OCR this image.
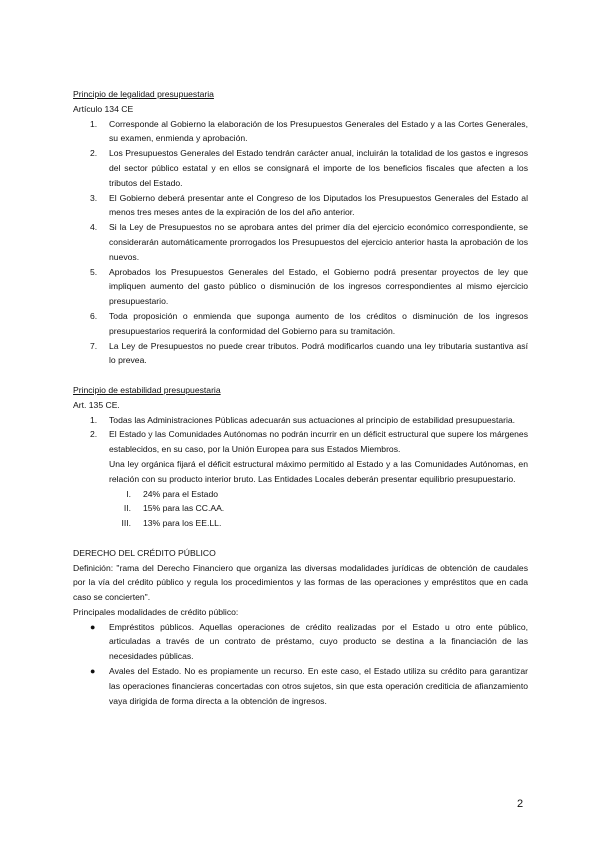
Principio de legalidad presupuestaria
Artículo 134 CE
1. Corresponde al Gobierno la elaboración de los Presupuestos Generales del Estado y a las Cortes Generales, su examen, enmienda y aprobación.
2. Los Presupuestos Generales del Estado tendrán carácter anual, incluirán la totalidad de los gastos e ingresos del sector público estatal y en ellos se consignará el importe de los beneficios fiscales que afecten a los tributos del Estado.
3. El Gobierno deberá presentar ante el Congreso de los Diputados los Presupuestos Generales del Estado al menos tres meses antes de la expiración de los del año anterior.
4. Si la Ley de Presupuestos no se aprobara antes del primer día del ejercicio económico correspondiente, se considerarán automáticamente prorrogados los Presupuestos del ejercicio anterior hasta la aprobación de los nuevos.
5. Aprobados los Presupuestos Generales del Estado, el Gobierno podrá presentar proyectos de ley que impliquen aumento del gasto público o disminución de los ingresos correspondientes al mismo ejercicio presupuestario.
6. Toda proposición o enmienda que suponga aumento de los créditos o disminución de los ingresos presupuestarios requerirá la conformidad del Gobierno para su tramitación.
7. La Ley de Presupuestos no puede crear tributos. Podrá modificarlos cuando una ley tributaria sustantiva así lo prevea.
Principio de estabilidad presupuestaria
Art. 135 CE.
1. Todas las Administraciones Públicas adecuarán sus actuaciones al principio de estabilidad presupuestaria.
2. El Estado y las Comunidades Autónomas no podrán incurrir en un déficit estructural que supere los márgenes establecidos, en su caso, por la Unión Europea para sus Estados Miembros.
Una ley orgánica fijará el déficit estructural máximo permitido al Estado y a las Comunidades Autónomas, en relación con su producto interior bruto. Las Entidades Locales deberán presentar equilibrio presupuestario.
I. 24% para el Estado
II. 15% para las CC.AA.
III. 13% para los EE.LL.
DERECHO DEL CRÉDITO PÚBLICO
Definición: "rama del Derecho Financiero que organiza las diversas modalidades jurídicas de obtención de caudales por la vía del crédito público y regula los procedimientos y las formas de las operaciones y empréstitos que en cada caso se concierten".
Principales modalidades de crédito público:
● Empréstitos públicos. Aquellas operaciones de crédito realizadas por el Estado u otro ente público, articuladas a través de un contrato de préstamo, cuyo producto se destina a la financiación de las necesidades públicas.
● Avales del Estado. No es propiamente un recurso. En este caso, el Estado utiliza su crédito para garantizar las operaciones financieras concertadas con otros sujetos, sin que esta operación crediticia de afianzamiento vaya dirigida de forma directa a la obtención de ingresos.
2
